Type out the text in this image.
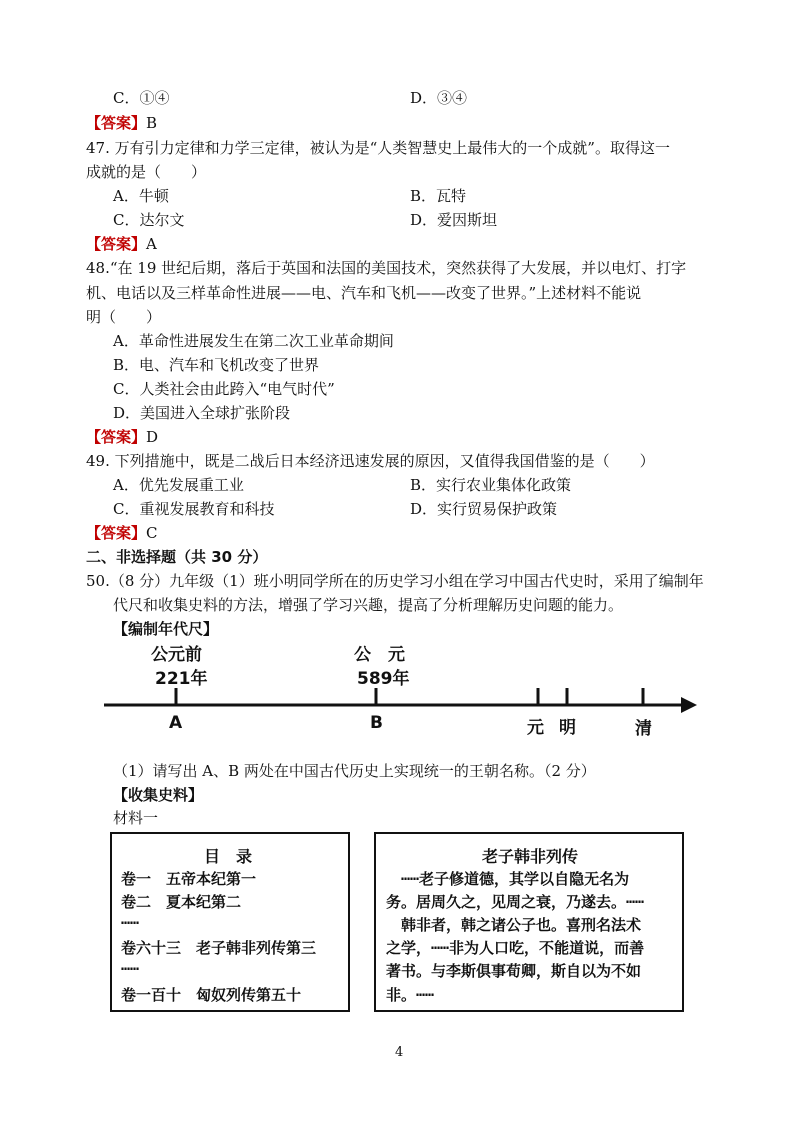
C．①④	D．③④
【答案】B
47. 万有引力定律和力学三定律，被认为是“人类智慧史上最伟大的一个成就”。取得这一
成就的是（　　）
A．牛顿	B．瓦特
C．达尔文	D．爱因斯坦
【答案】A
48.“在 19 世纪后期，落后于英国和法国的美国技术，突然获得了大发展，并以电灯、打字
机、电话以及三样革命性进展——电、汽车和飞机——改变了世界。”上述材料不能说
明（　　）
A．革命性进展发生在第二次工业革命期间
B．电、汽车和飞机改变了世界
C．人类社会由此跨入“电气时代”
D．美国进入全球扩张阶段
【答案】D
49. 下列措施中，既是二战后日本经济迅速发展的原因，又值得我国借鉴的是（　　）
A．优先发展重工业	B．实行农业集体化政策
C．重视发展教育和科技	D．实行贸易保护政策
【答案】C
二、非选择题（共 30 分）
50.（8 分）九年级（1）班小明同学所在的历史学习小组在学习中国古代史时，采用了编制年
代尺和收集史料的方法，增强了学习兴趣，提高了分析理解历史问题的能力。
【编制年代尺】
公元前
221年
A
公　元
589年
B	元 明	清
（1）请写出 A、B 两处在中国古代历史上实现统一的王朝名称。（2 分）
【收集史料】
材料一
目　录
卷一　五帝本纪第一
卷二　夏本纪第二
┅┅
卷六十三　老子韩非列传第三
┅┅
卷一百十　匈奴列传第五十
老子韩非列传
　┅┅老子修道德，其学以自隐无名为
务。居周久之，见周之衰，乃遂去。┅┅
　韩非者，韩之诸公子也。喜刑名法术
之学，┅┅非为人口吃，不能道说，而善
著书。与李斯俱事荀卿，斯自以为不如
非。┅┅
4
